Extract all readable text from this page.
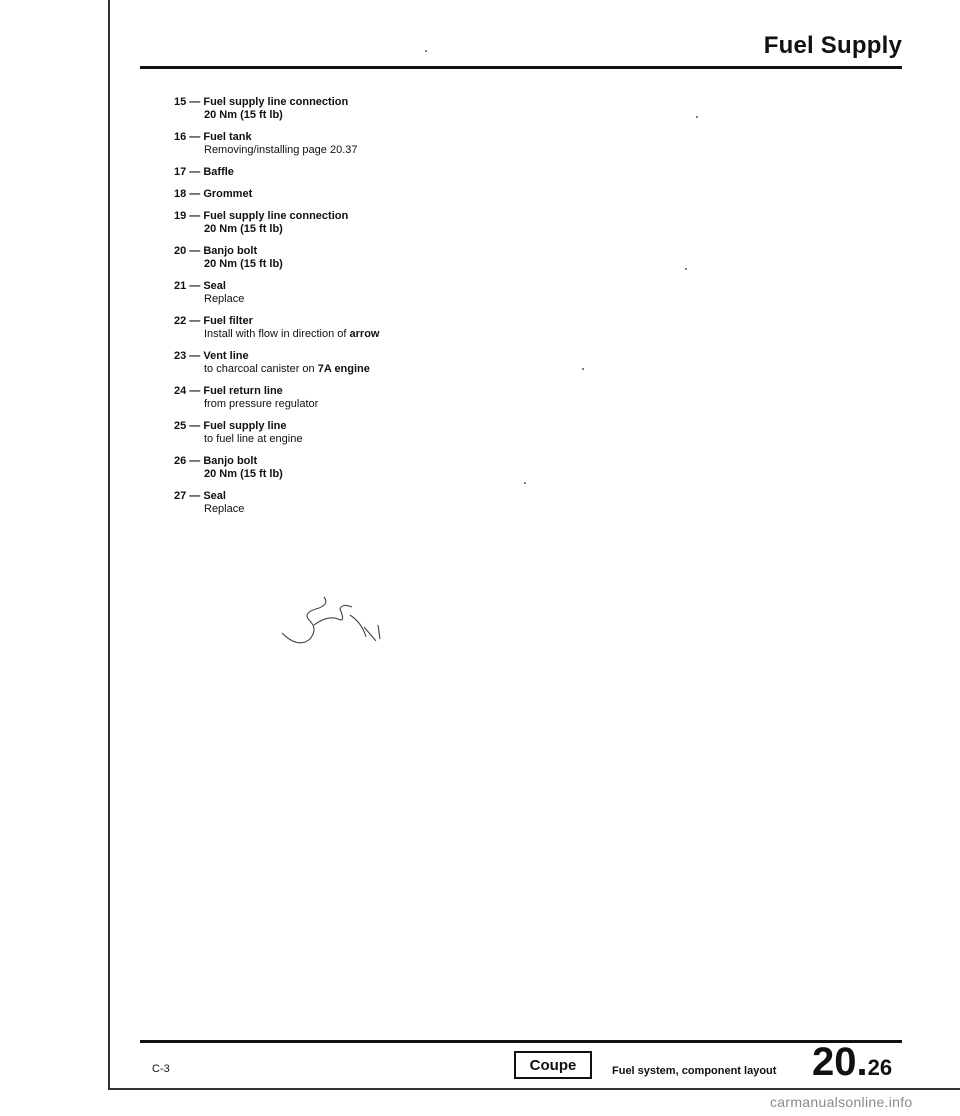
Fuel Supply
15 — Fuel supply line connection
20 Nm (15 ft lb)
16 — Fuel tank
Removing/installing page 20.37
17 — Baffle
18 — Grommet
19 — Fuel supply line connection
20 Nm (15 ft lb)
20 — Banjo bolt
20 Nm (15 ft lb)
21 — Seal
Replace
22 — Fuel filter
Install with flow in direction of arrow
23 — Vent line
to charcoal canister on 7A engine
24 — Fuel return line
from pressure regulator
25 — Fuel supply line
to fuel line at engine
26 — Banjo bolt
20 Nm (15 ft lb)
27 — Seal
Replace
C-3	Coupe	Fuel system, component layout 20.26
carmanualsonline.info
